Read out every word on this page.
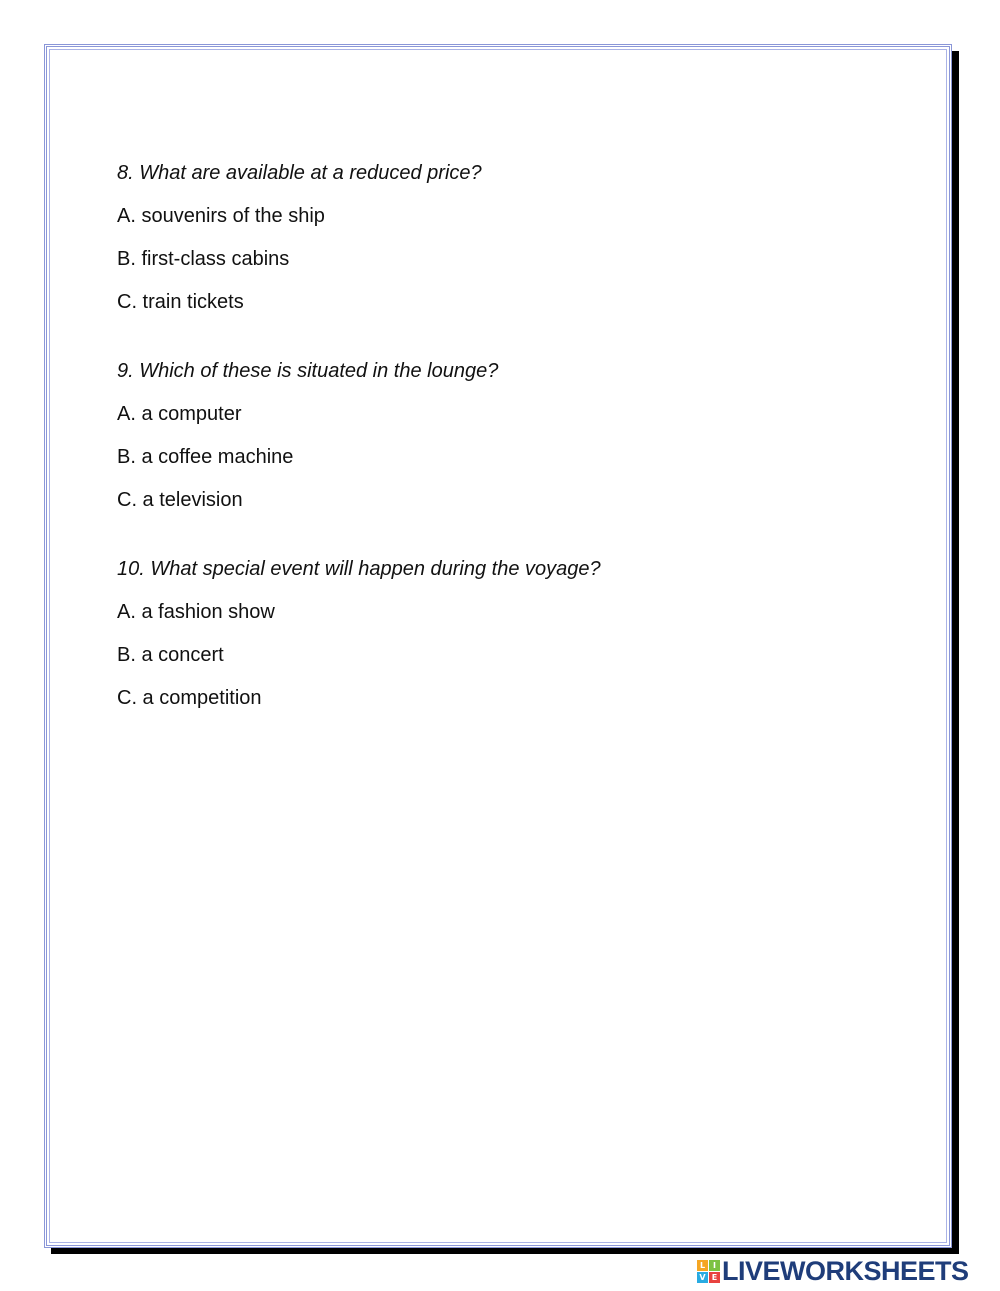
8. What are available at a reduced price?
A. souvenirs of the ship
B. first-class cabins
C. train tickets
9. Which of these is situated in the lounge?
A. a computer
B. a coffee machine
C. a television
10. What special event will happen during the voyage?
A. a fashion show
B. a concert
C. a competition
L I
V E LIVEWORKSHEETS
